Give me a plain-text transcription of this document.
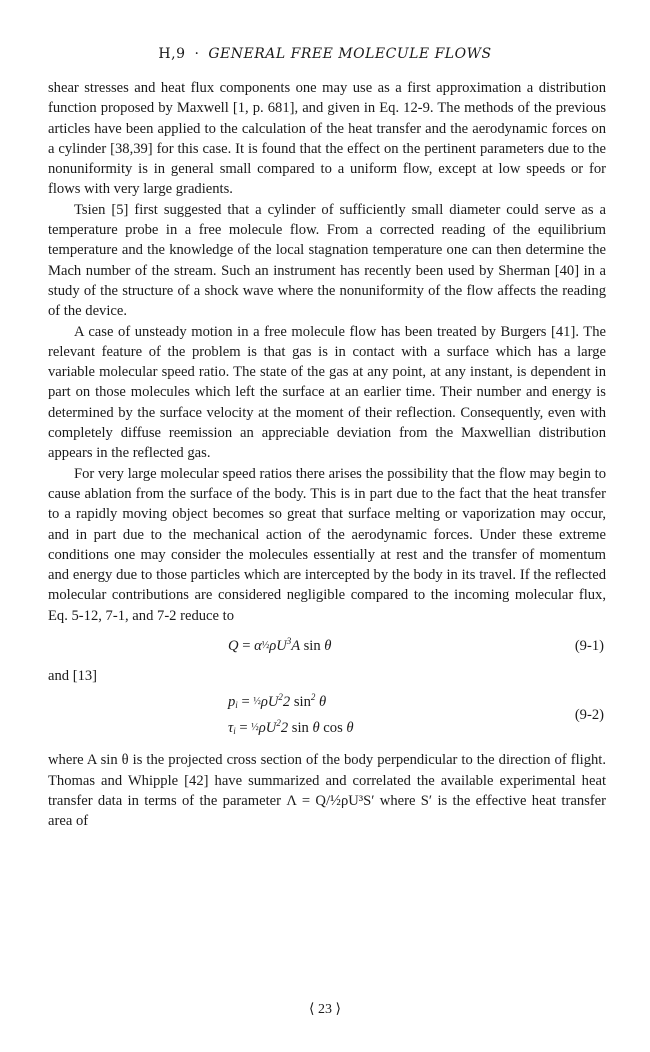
H,9 · GENERAL FREE MOLECULE FLOWS

shear stresses and heat flux components one may use as a first approximation a distribution function proposed by Maxwell [1, p. 681], and given in Eq. 12-9. The methods of the previous articles have been applied to the calculation of the heat transfer and the aerodynamic forces on a cylinder [38,39] for this case. It is found that the effect on the pertinent parameters due to the nonuniformity is in general small compared to a uniform flow, except at low speeds or for flows with very large gradients.

Tsien [5] first suggested that a cylinder of sufficiently small diameter could serve as a temperature probe in a free molecule flow. From a corrected reading of the equilibrium temperature and the knowledge of the local stagnation temperature one can then determine the Mach number of the stream. Such an instrument has recently been used by Sherman [40] in a study of the structure of a shock wave where the nonuniformity of the flow affects the reading of the device.

A case of unsteady motion in a free molecule flow has been treated by Burgers [41]. The relevant feature of the problem is that gas is in contact with a surface which has a large variable molecular speed ratio. The state of the gas at any point, at any instant, is dependent in part on those molecules which left the surface at an earlier time. Their number and energy is determined by the surface velocity at the moment of their reflection. Consequently, even with completely diffuse reemission an appreciable deviation from the Maxwellian distribution appears in the reflected gas.

For very large molecular speed ratios there arises the possibility that the flow may begin to cause ablation from the surface of the body. This is in part due to the fact that the heat transfer to a rapidly moving object becomes so great that surface melting or vaporization may occur, and in part due to the mechanical action of the aerodynamic forces. Under these extreme conditions one may consider the molecules essentially at rest and the transfer of momentum and energy due to those particles which are intercepted by the body in its travel. If the reflected molecular contributions are considered negligible compared to the incoming molecular flux, Eq. 5-12, 7-1, and 7-2 reduce to

$Q = \alpha\frac{1}{2}\rho U^3A$ sin θ	(9-1)

and [13]

$p_i$ = $\frac{1}{2}\rho U^22$ $\sin^2 \theta$
$\tau_i$ = $\frac{1}{2}\rho U^22$ sin θ cos θ
(9-2)

where A sin θ is the projected cross section of the body perpendicular to the direction of flight. Thomas and Whipple [42] have summarized and correlated the available experimental heat transfer data in terms of the parameter Λ = Q/½ρU³S′ where S′ is the effective heat transfer area of

⟨ 23 ⟩
